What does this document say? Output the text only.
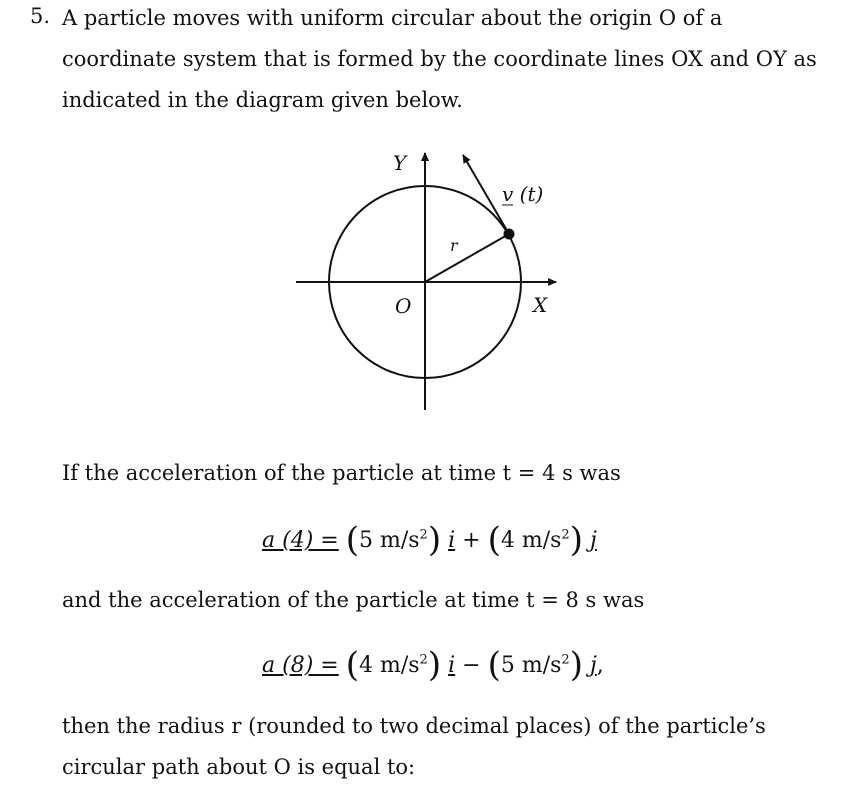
5. A particle moves with uniform circular about the origin O of a coordinate system that is formed by the coordinate lines OX and OY as indicated in the diagram given below.
Y
X
O
r
v (t)
If the acceleration of the particle at time t = 4 s was
a (4) = (5 $m/s^2$) i + (4 $m/s^2$) j
and the acceleration of the particle at time t = 8 s was
a (8) = (4 $m/s^2$) i − (5 $m/s^2$) j,
then the radius r (rounded to two decimal places) of the particle’s circular path about O is equal to:
